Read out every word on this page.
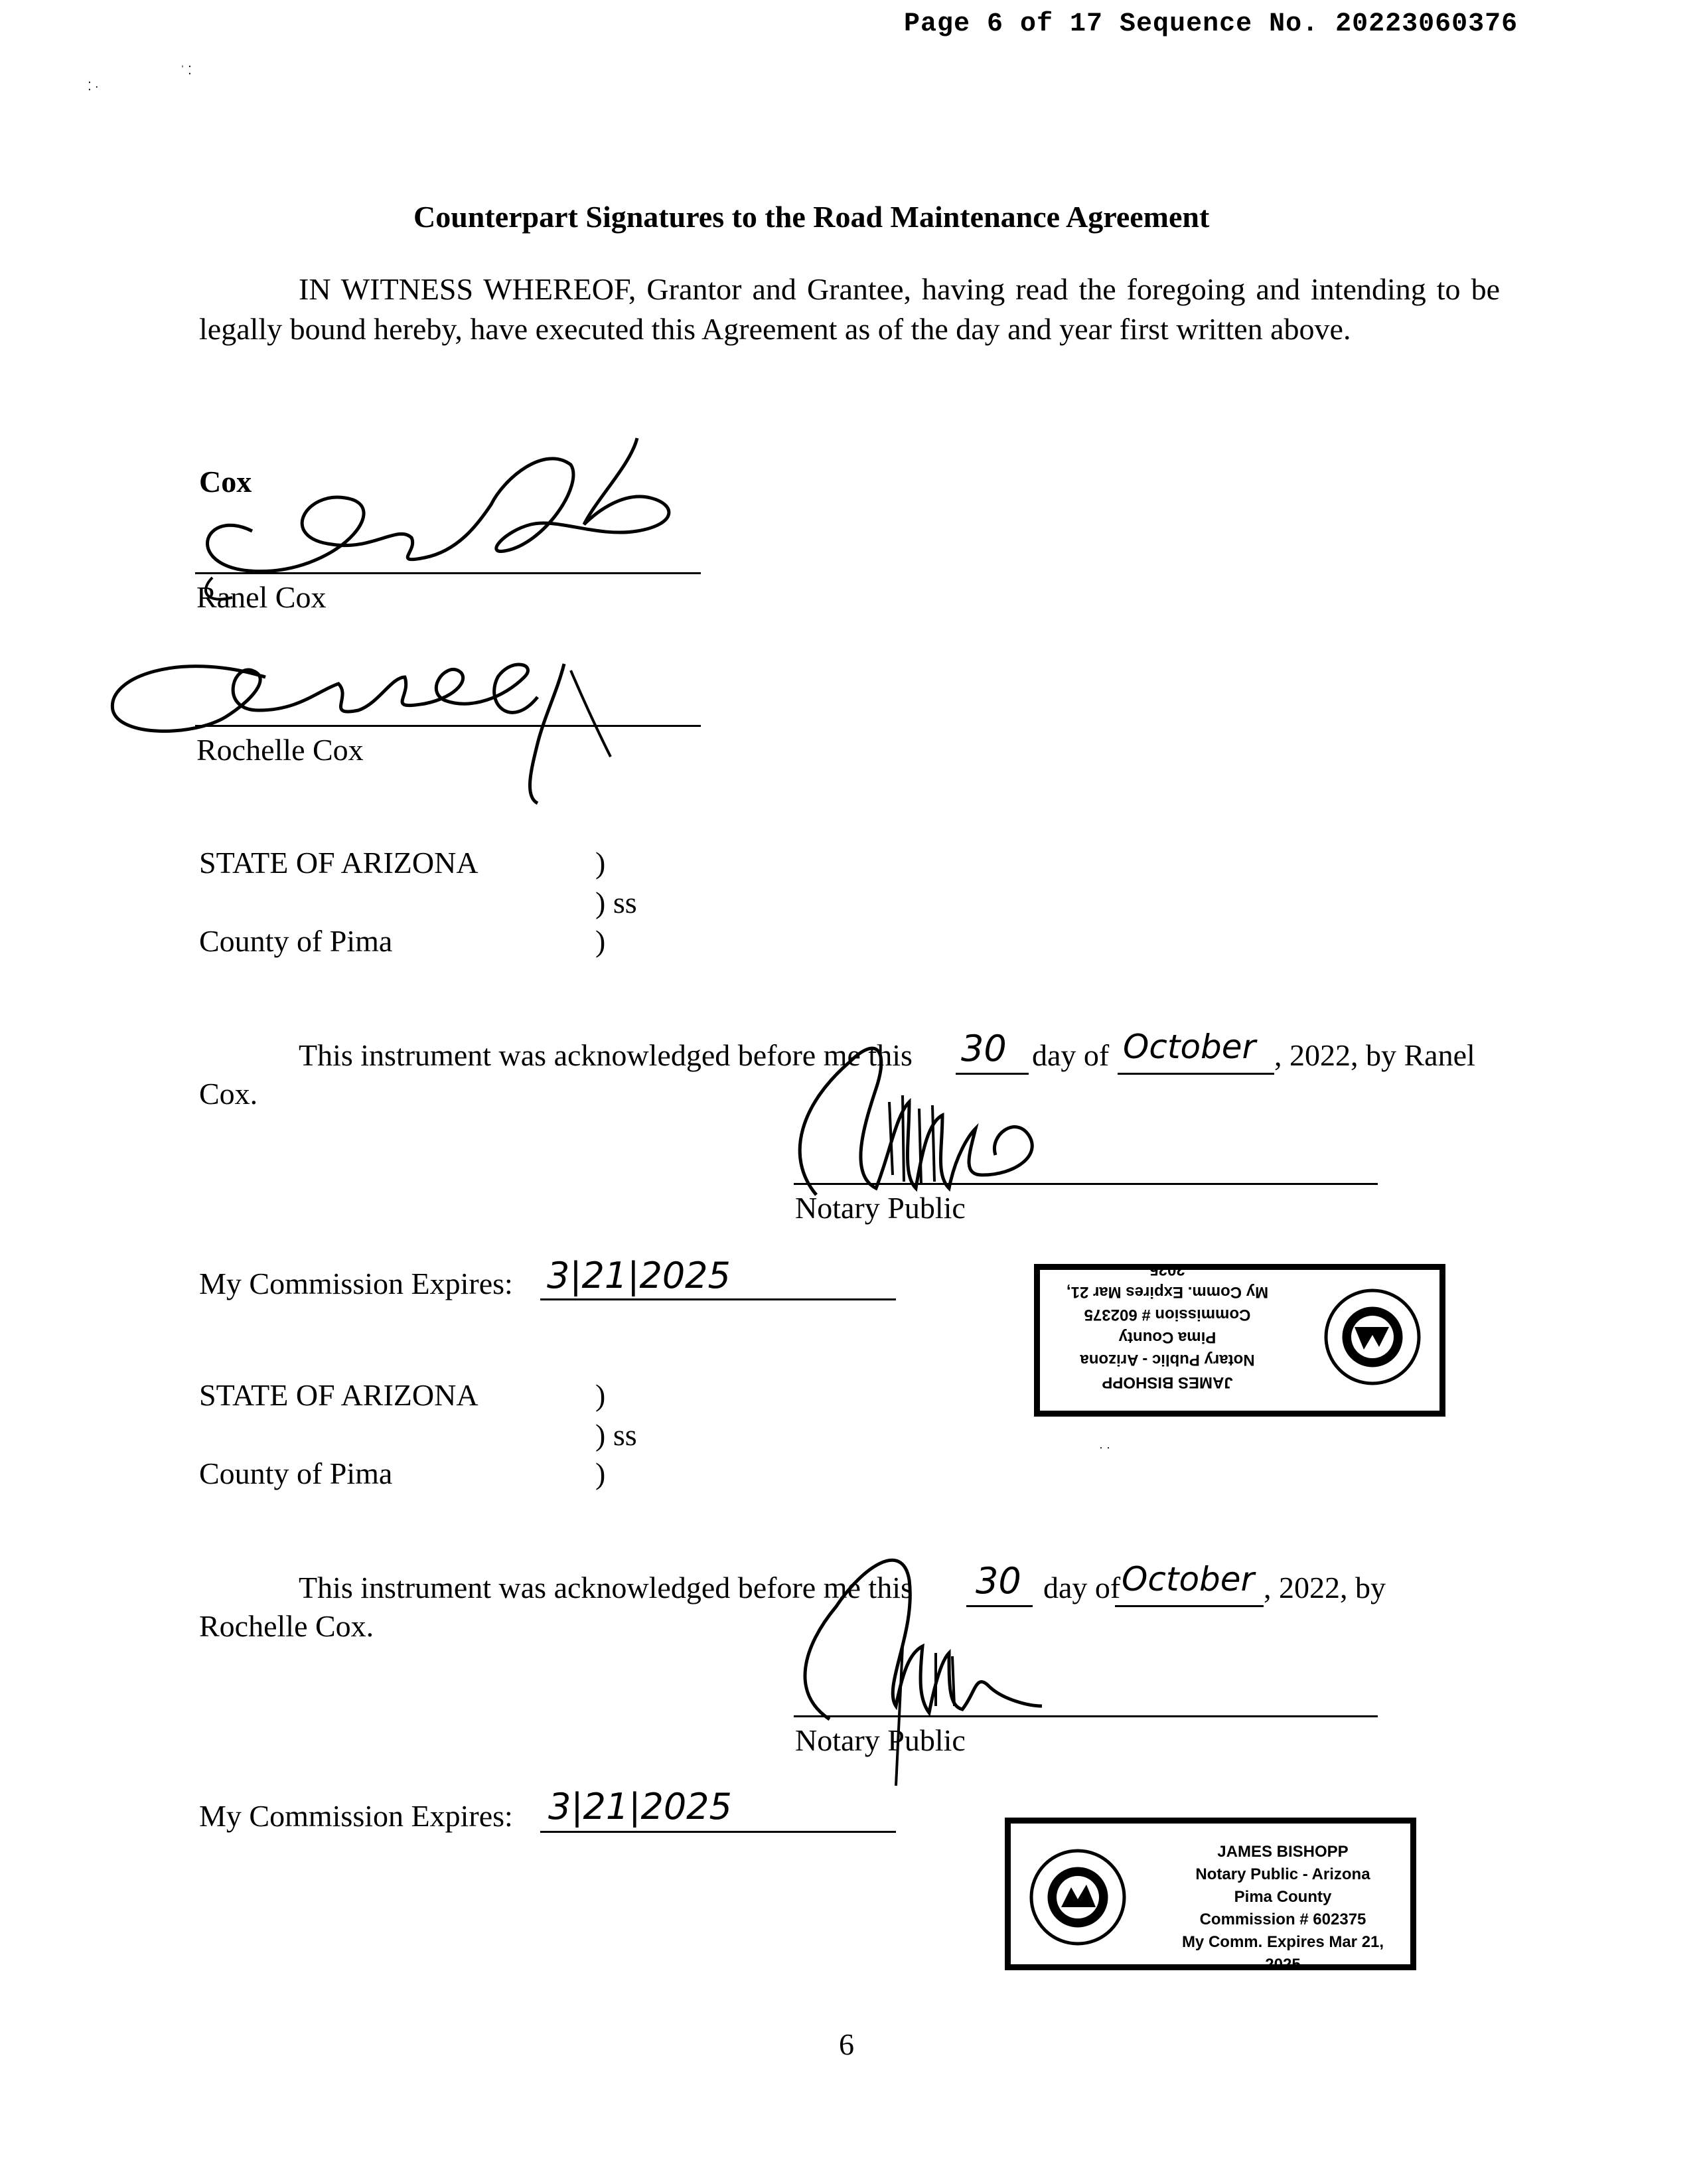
Page 6 of 17 Sequence No. 20223060376
⁚ ·
ˈ ⁚
Counterpart Signatures to the Road Maintenance Agreement
IN WITNESS WHEREOF, Grantor and Grantee, having read the foregoing and intending to be legally bound hereby, have executed this Agreement as of the day and year first written above.
Cox
Ranel Cox
Rochelle Cox
STATE OF ARIZONA	)
) ss
County of Pima	)
This instrument was acknowledged before me this 30 day of October , 2022, by Ranel
Cox.
Notary Public
My Commission Expires: 3|21|2025
JAMES BISHOPP
Notary Public - Arizona
Pima County
Commission # 602375
My Comm. Expires Mar 21, 2025
STATE OF ARIZONA	)
) ss
County of Pima	)
· ·
This instrument was acknowledged before me this 30 day of October , 2022, by
Rochelle Cox.
Notary Public
My Commission Expires: 3|21|2025
JAMES BISHOPP
Notary Public - Arizona
Pima County
Commission # 602375
My Comm. Expires Mar 21, 2025
6
